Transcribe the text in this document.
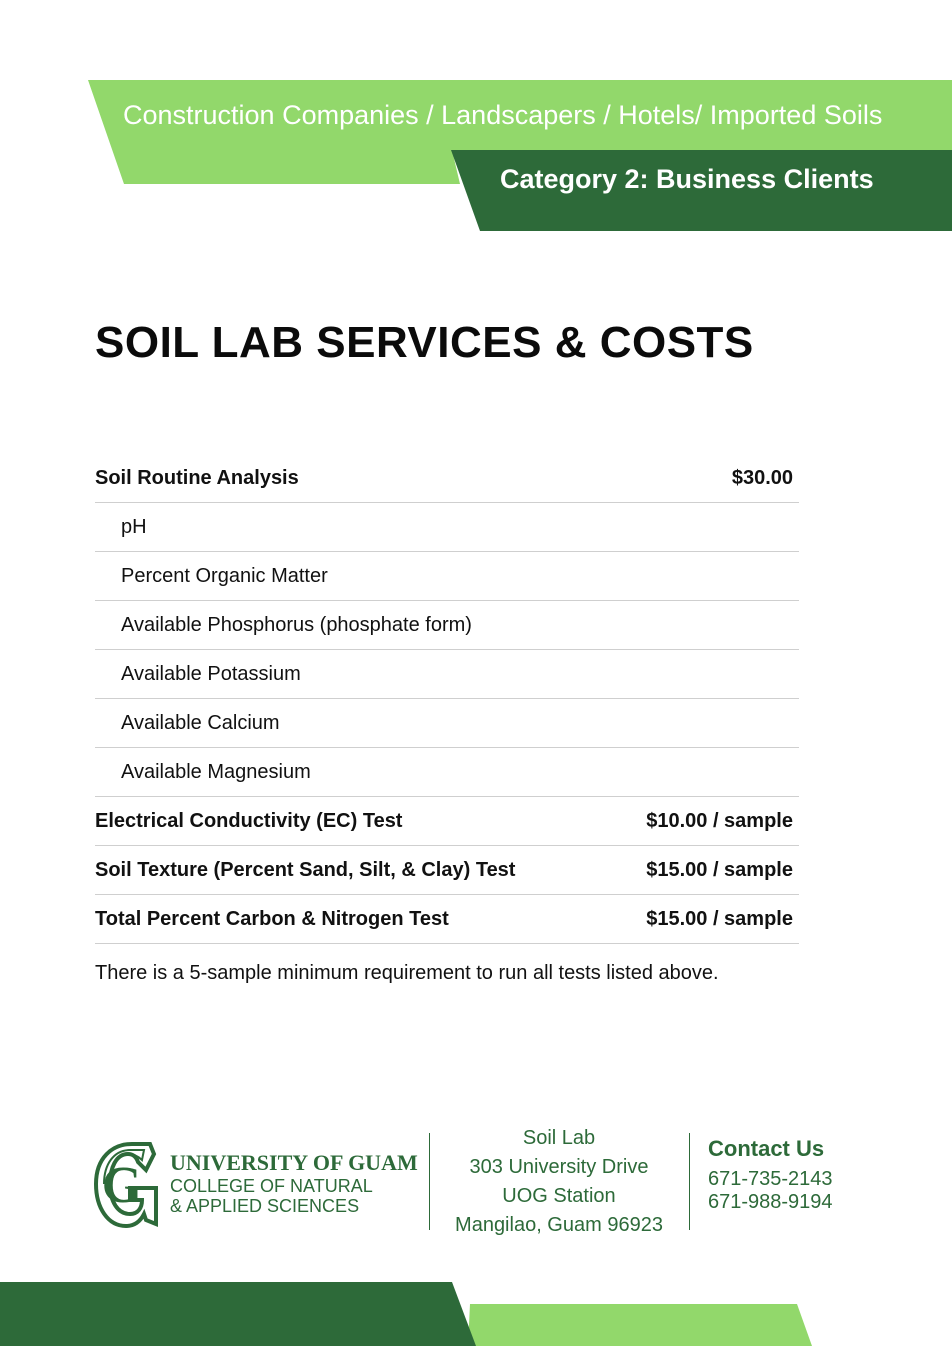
Construction Companies / Landscapers / Hotels/ Imported Soils
Category 2: Business Clients
SOIL LAB SERVICES & COSTS
Soil Routine Analysis	$30.00
pH
Percent Organic Matter
Available Phosphorus (phosphate form)
Available Potassium
Available Calcium
Available Magnesium
Electrical Conductivity (EC) Test	$10.00 / sample
Soil Texture (Percent Sand, Silt, & Clay) Test	$15.00 / sample
Total Percent Carbon & Nitrogen Test	$15.00 / sample
There is a 5-sample minimum requirement to run all tests listed above.
G UNIVERSITY OF GUAM
COLLEGE OF NATURAL
& APPLIED SCIENCES
Soil Lab
303 University Drive
UOG Station
Mangilao, Guam 96923
Contact Us
671-735-2143
671-988-9194
